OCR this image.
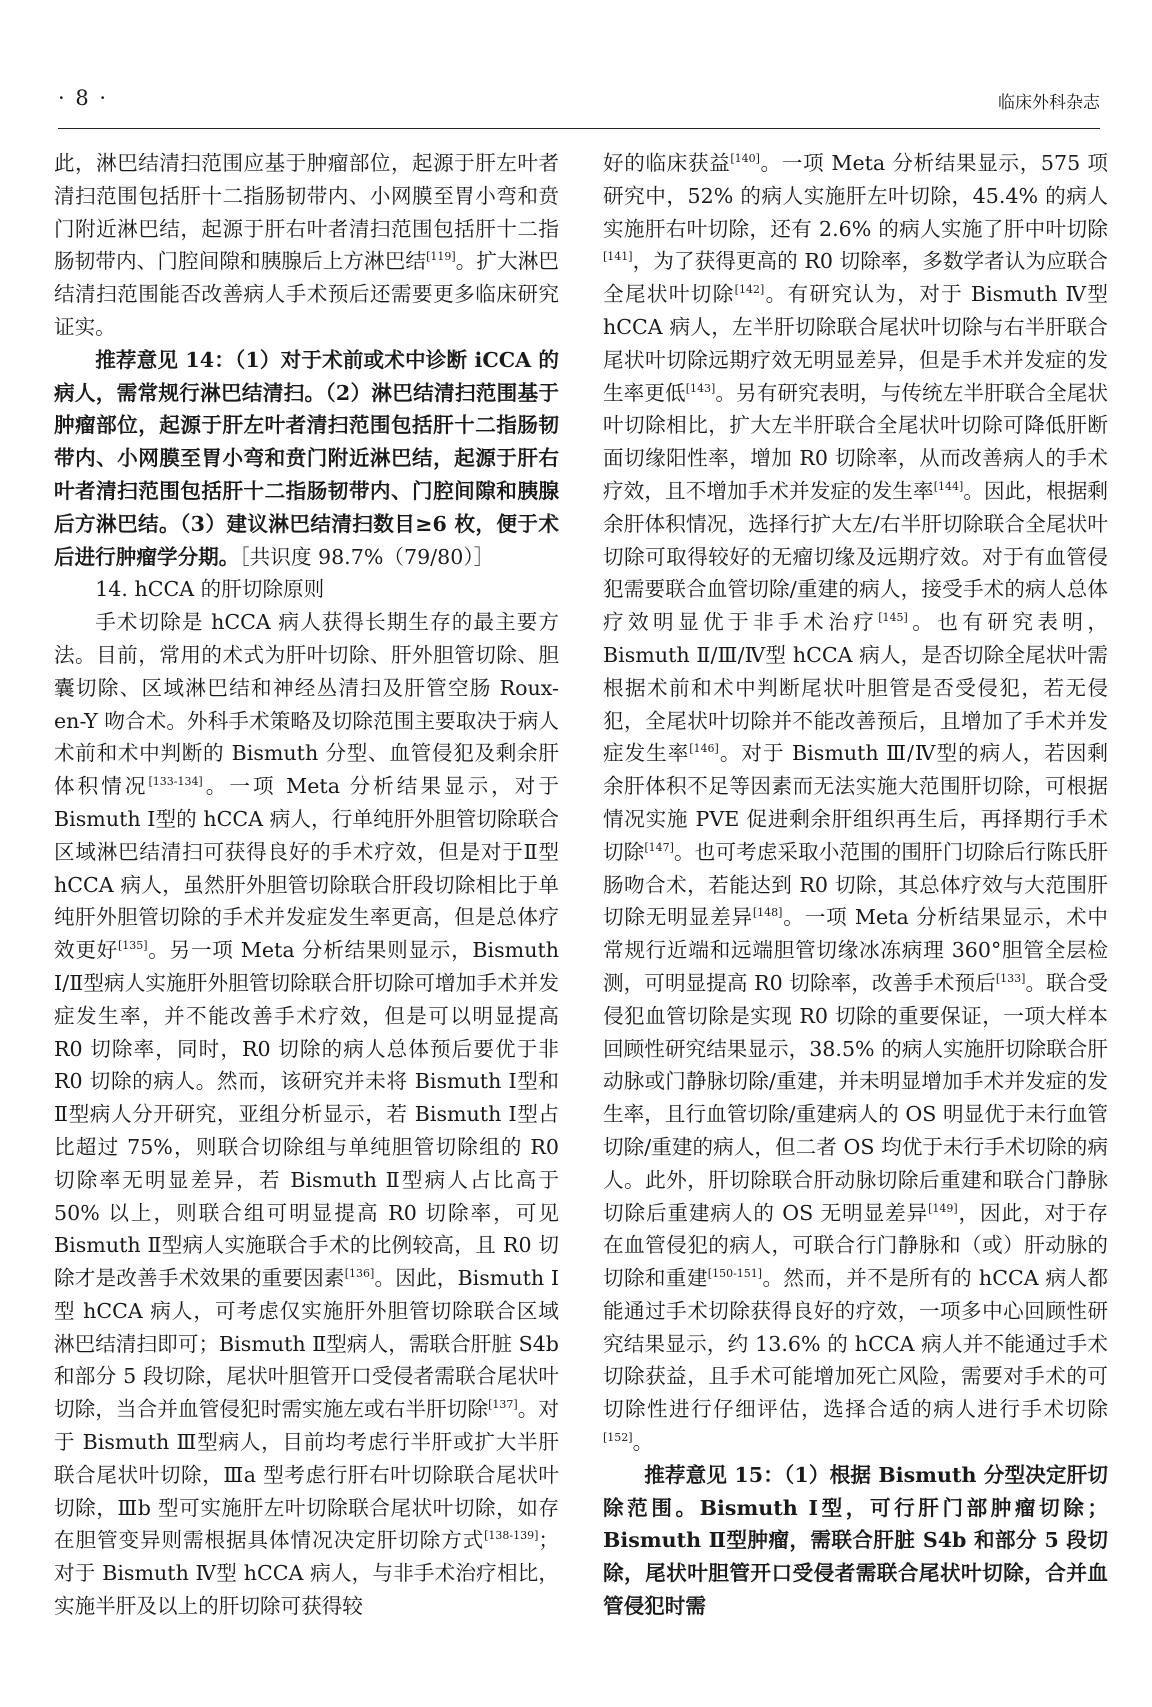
· 8 ·	临床外科杂志

此，淋巴结清扫范围应基于肿瘤部位，起源于肝左叶者清扫范围包括肝十二指肠韧带内、小网膜至胃小弯和贲门附近淋巴结，起源于肝右叶者清扫范围包括肝十二指肠韧带内、门腔间隙和胰腺后上方淋巴结[119]。扩大淋巴结清扫范围能否改善病人手术预后还需要更多临床研究证实。

推荐意见 14：（1）对于术前或术中诊断 iCCA 的病人，需常规行淋巴结清扫。（2）淋巴结清扫范围基于肿瘤部位，起源于肝左叶者清扫范围包括肝十二指肠韧带内、小网膜至胃小弯和贲门附近淋巴结，起源于肝右叶者清扫范围包括肝十二指肠韧带内、门腔间隙和胰腺后方淋巴结。（3）建议淋巴结清扫数目≥6 枚，便于术后进行肿瘤学分期。［共识度 98.7%（79/80）］

14. hCCA 的肝切除原则

手术切除是 hCCA 病人获得长期生存的最主要方法。目前，常用的术式为肝叶切除、肝外胆管切除、胆囊切除、区域淋巴结和神经丛清扫及肝管空肠 Roux-en-Y 吻合术。外科手术策略及切除范围主要取决于病人术前和术中判断的 Bismuth 分型、血管侵犯及剩余肝体积情况[133-134]。一项 Meta 分析结果显示，对于 Bismuth Ⅰ型的 hCCA 病人，行单纯肝外胆管切除联合区域淋巴结清扫可获得良好的手术疗效，但是对于Ⅱ型 hCCA 病人，虽然肝外胆管切除联合肝段切除相比于单纯肝外胆管切除的手术并发症发生率更高，但是总体疗效更好[135]。另一项 Meta 分析结果则显示，Bismuth Ⅰ/Ⅱ型病人实施肝外胆管切除联合肝切除可增加手术并发症发生率，并不能改善手术疗效，但是可以明显提高 R0 切除率，同时，R0 切除的病人总体预后要优于非 R0 切除的病人。然而，该研究并未将 Bismuth Ⅰ型和Ⅱ型病人分开研究，亚组分析显示，若 Bismuth Ⅰ型占比超过 75%，则联合切除组与单纯胆管切除组的 R0 切除率无明显差异，若 Bismuth Ⅱ型病人占比高于 50% 以上，则联合组可明显提高 R0 切除率，可见 Bismuth Ⅱ型病人实施联合手术的比例较高，且 R0 切除才是改善手术效果的重要因素[136]。因此，Bismuth Ⅰ型 hCCA 病人，可考虑仅实施肝外胆管切除联合区域淋巴结清扫即可；Bismuth Ⅱ型病人，需联合肝脏 S4b 和部分 5 段切除，尾状叶胆管开口受侵者需联合尾状叶切除，当合并血管侵犯时需实施左或右半肝切除[137]。对于 Bismuth Ⅲ型病人，目前均考虑行半肝或扩大半肝联合尾状叶切除，Ⅲa 型考虑行肝右叶切除联合尾状叶切除，Ⅲb 型可实施肝左叶切除联合尾状叶切除，如存在胆管变异则需根据具体情况决定肝切除方式[138-139]；对于 Bismuth Ⅳ型 hCCA 病人，与非手术治疗相比，实施半肝及以上的肝切除可获得较

好的临床获益[140]。一项 Meta 分析结果显示，575 项研究中，52% 的病人实施肝左叶切除，45.4% 的病人实施肝右叶切除，还有 2.6% 的病人实施了肝中叶切除[141]，为了获得更高的 R0 切除率，多数学者认为应联合全尾状叶切除[142]。有研究认为，对于 Bismuth Ⅳ型 hCCA 病人，左半肝切除联合尾状叶切除与右半肝联合尾状叶切除远期疗效无明显差异，但是手术并发症的发生率更低[143]。另有研究表明，与传统左半肝联合全尾状叶切除相比，扩大左半肝联合全尾状叶切除可降低肝断面切缘阳性率，增加 R0 切除率，从而改善病人的手术疗效，且不增加手术并发症的发生率[144]。因此，根据剩余肝体积情况，选择行扩大左/右半肝切除联合全尾状叶切除可取得较好的无瘤切缘及远期疗效。对于有血管侵犯需要联合血管切除/重建的病人，接受手术的病人总体疗效明显优于非手术治疗[145]。也有研究表明，Bismuth Ⅱ/Ⅲ/Ⅳ型 hCCA 病人，是否切除全尾状叶需根据术前和术中判断尾状叶胆管是否受侵犯，若无侵犯，全尾状叶切除并不能改善预后，且增加了手术并发症发生率[146]。对于 Bismuth Ⅲ/Ⅳ型的病人，若因剩余肝体积不足等因素而无法实施大范围肝切除，可根据情况实施 PVE 促进剩余肝组织再生后，再择期行手术切除[147]。也可考虑采取小范围的围肝门切除后行陈氏肝肠吻合术，若能达到 R0 切除，其总体疗效与大范围肝切除无明显差异[148]。一项 Meta 分析结果显示，术中常规行近端和远端胆管切缘冰冻病理 360°胆管全层检测，可明显提高 R0 切除率，改善手术预后[133]。联合受侵犯血管切除是实现 R0 切除的重要保证，一项大样本回顾性研究结果显示，38.5% 的病人实施肝切除联合肝动脉或门静脉切除/重建，并未明显增加手术并发症的发生率，且行血管切除/重建病人的 OS 明显优于未行血管切除/重建的病人，但二者 OS 均优于未行手术切除的病人。此外，肝切除联合肝动脉切除后重建和联合门静脉切除后重建病人的 OS 无明显差异[149]，因此，对于存在血管侵犯的病人，可联合行门静脉和（或）肝动脉的切除和重建[150-151]。然而，并不是所有的 hCCA 病人都能通过手术切除获得良好的疗效，一项多中心回顾性研究结果显示，约 13.6% 的 hCCA 病人并不能通过手术切除获益，且手术可能增加死亡风险，需要对手术的可切除性进行仔细评估，选择合适的病人进行手术切除[152]。

推荐意见 15：（1）根据 Bismuth 分型决定肝切除范围。Bismuth Ⅰ型，可行肝门部肿瘤切除；Bismuth Ⅱ型肿瘤，需联合肝脏 S4b 和部分 5 段切除，尾状叶胆管开口受侵者需联合尾状叶切除，合并血管侵犯时需
